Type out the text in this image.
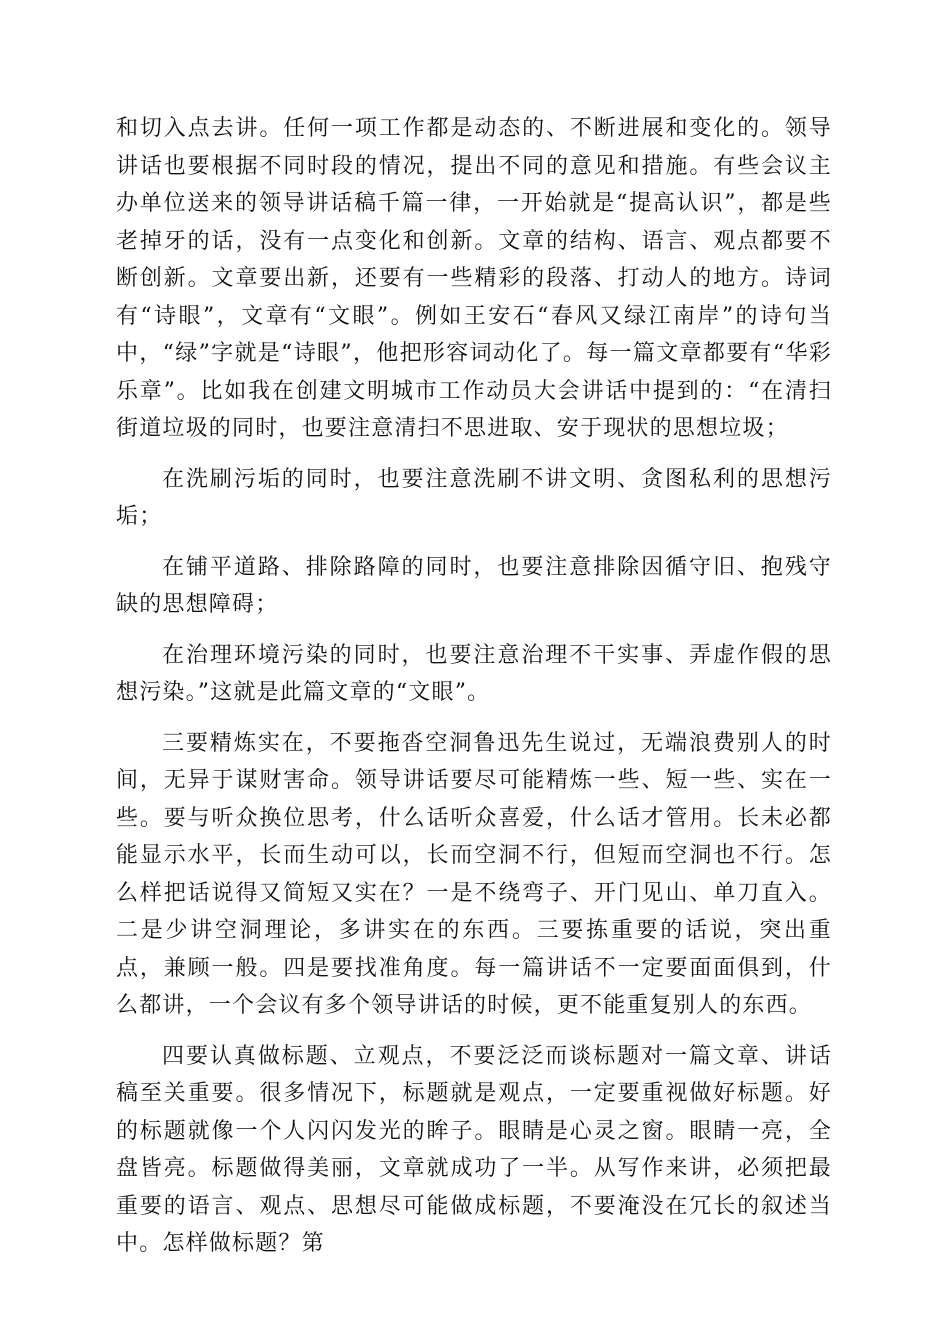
和切入点去讲。任何一项工作都是动态的、不断进展和变化的。领导讲话也要根据不同时段的情况，提出不同的意见和措施。有些会议主办单位送来的领导讲话稿千篇一律，一开始就是“提高认识”，都是些老掉牙的话，没有一点变化和创新。文章的结构、语言、观点都要不断创新。文章要出新，还要有一些精彩的段落、打动人的地方。诗词有“诗眼”，文章有“文眼”。例如王安石“春风又绿江南岸”的诗句当中，“绿”字就是“诗眼”，他把形容词动化了。每一篇文章都要有“华彩乐章”。比如我在创建文明城市工作动员大会讲话中提到的：“在清扫街道垃圾的同时，也要注意清扫不思进取、安于现状的思想垃圾；

在洗刷污垢的同时，也要注意洗刷不讲文明、贪图私利的思想污垢；

在铺平道路、排除路障的同时，也要注意排除因循守旧、抱残守缺的思想障碍；

在治理环境污染的同时，也要注意治理不干实事、弄虚作假的思想污染。”这就是此篇文章的“文眼”。

三要精炼实在，不要拖沓空洞鲁迅先生说过，无端浪费别人的时间，无异于谋财害命。领导讲话要尽可能精炼一些、短一些、实在一些。要与听众换位思考，什么话听众喜爱，什么话才管用。长未必都能显示水平，长而生动可以，长而空洞不行，但短而空洞也不行。怎么样把话说得又简短又实在？一是不绕弯子、开门见山、单刀直入。二是少讲空洞理论，多讲实在的东西。三要拣重要的话说，突出重点，兼顾一般。四是要找准角度。每一篇讲话不一定要面面俱到，什么都讲，一个会议有多个领导讲话的时候，更不能重复别人的东西。

四要认真做标题、立观点，不要泛泛而谈标题对一篇文章、讲话稿至关重要。很多情况下，标题就是观点，一定要重视做好标题。好的标题就像一个人闪闪发光的眸子。眼睛是心灵之窗。眼睛一亮，全盘皆亮。标题做得美丽，文章就成功了一半。从写作来讲，必须把最重要的语言、观点、思想尽可能做成标题，不要淹没在冗长的叙述当中。怎样做标题？第
